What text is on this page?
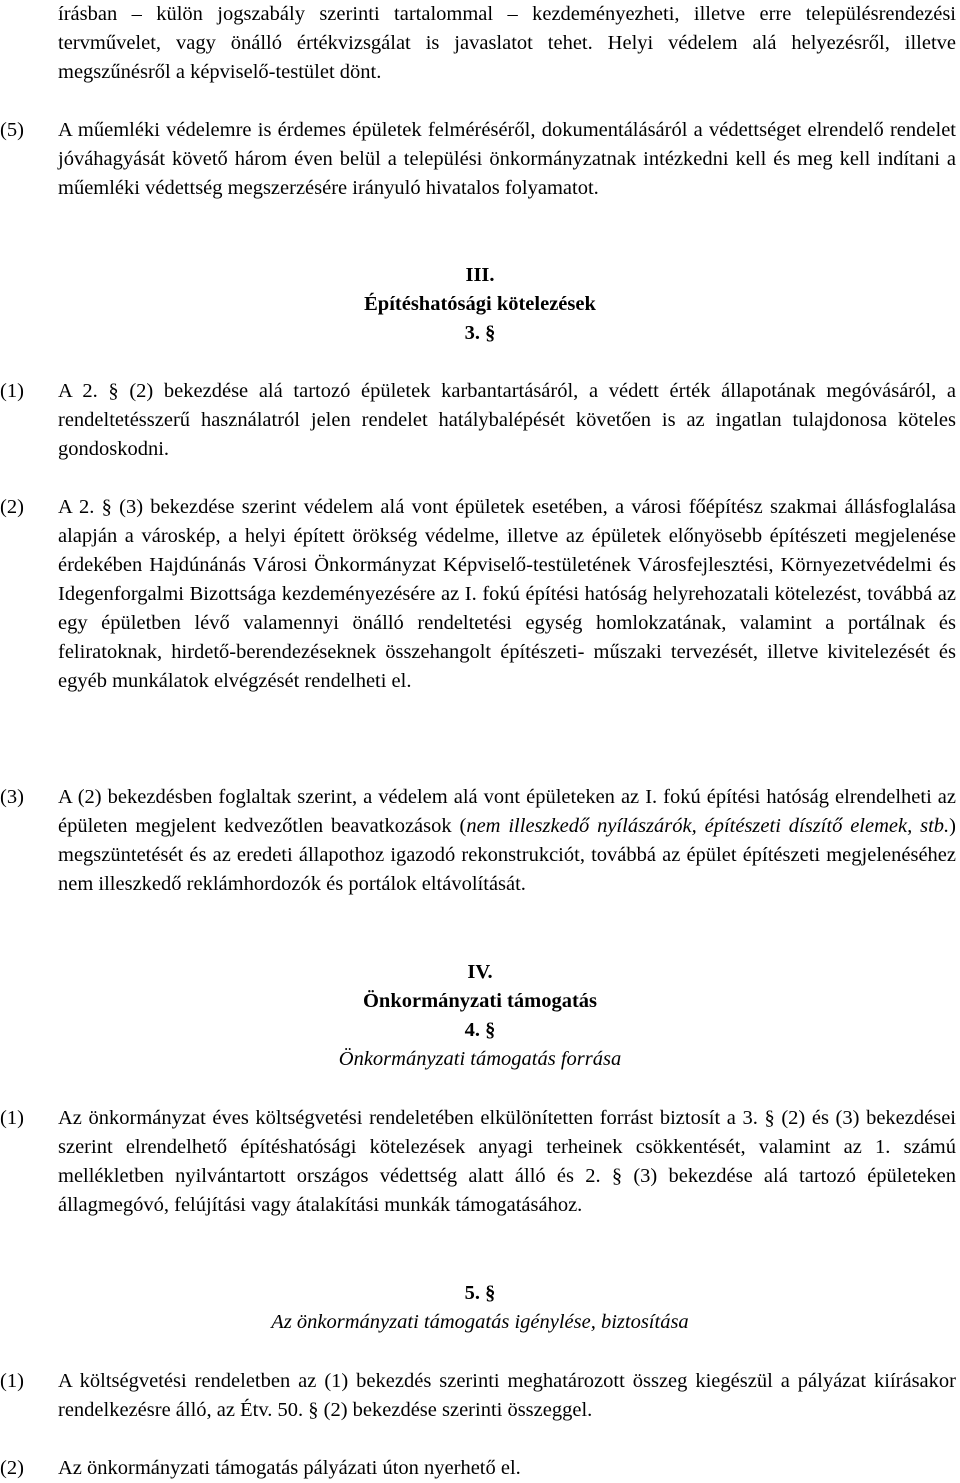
írásban – külön jogszabály szerinti tartalommal – kezdeményezheti, illetve erre településrendezési tervművelet, vagy önálló értékvizsgálat is javaslatot tehet. Helyi védelem alá helyezésről, illetve megszűnésről a képviselő-testület dönt.
(5) A műemléki védelemre is érdemes épületek felméréséről, dokumentálásáról a védettséget elrendelő rendelet jóváhagyását követő három éven belül a települési önkormányzatnak intézkedni kell és meg kell indítani a műemléki védettség megszerzésére irányuló hivatalos folyamatot.
III.
Építéshatósági kötelezések
3. §
(1) A 2. § (2) bekezdése alá tartozó épületek karbantartásáról, a védett érték állapotának megóvásáról, a rendeltetésszerű használatról jelen rendelet hatálybalépését követően is az ingatlan tulajdonosa köteles gondoskodni.
(2) A 2. § (3) bekezdése szerint védelem alá vont épületek esetében, a városi főépítész szakmai állásfoglalása alapján a városkép, a helyi épített örökség védelme, illetve az épületek előnyösebb építészeti megjelenése érdekében Hajdúnánás Városi Önkormányzat Képviselő-testületének Városfejlesztési, Környezetvédelmi és Idegenforgalmi Bizottsága kezdeményezésére az I. fokú építési hatóság helyrehozatali kötelezést, továbbá az egy épületben lévő valamennyi önálló rendeltetési egység homlokzatának, valamint a portálnak és feliratoknak, hirdető-berendezéseknek összehangolt építészeti- műszaki tervezését, illetve kivitelezését és egyéb munkálatok elvégzését rendelheti el.
(3) A (2) bekezdésben foglaltak szerint, a védelem alá vont épületeken az I. fokú építési hatóság elrendelheti az épületen megjelent kedvezőtlen beavatkozások (nem illeszkedő nyílászárók, építészeti díszítő elemek, stb.) megszüntetését és az eredeti állapothoz igazodó rekonstrukciót, továbbá az épület építészeti megjelenéséhez nem illeszkedő reklámhordozók és portálok eltávolítását.
IV.
Önkormányzati támogatás
4. §
Önkormányzati támogatás forrása
(1) Az önkormányzat éves költségvetési rendeletében elkülönítetten forrást biztosít a 3. § (2) és (3) bekezdései szerint elrendelhető építéshatósági kötelezések anyagi terheinek csökkentését, valamint az 1. számú mellékletben nyilvántartott országos védettség alatt álló és 2. § (3) bekezdése alá tartozó épületeken állagmegóvó, felújítási vagy átalakítási munkák támogatásához.
5. §
Az önkormányzati támogatás igénylése, biztosítása
(1) A költségvetési rendeletben az (1) bekezdés szerinti meghatározott összeg kiegészül a pályázat kiírásakor rendelkezésre álló, az Étv. 50. § (2) bekezdése szerinti összeggel.
(2) Az önkormányzati támogatás pályázati úton nyerhető el.
